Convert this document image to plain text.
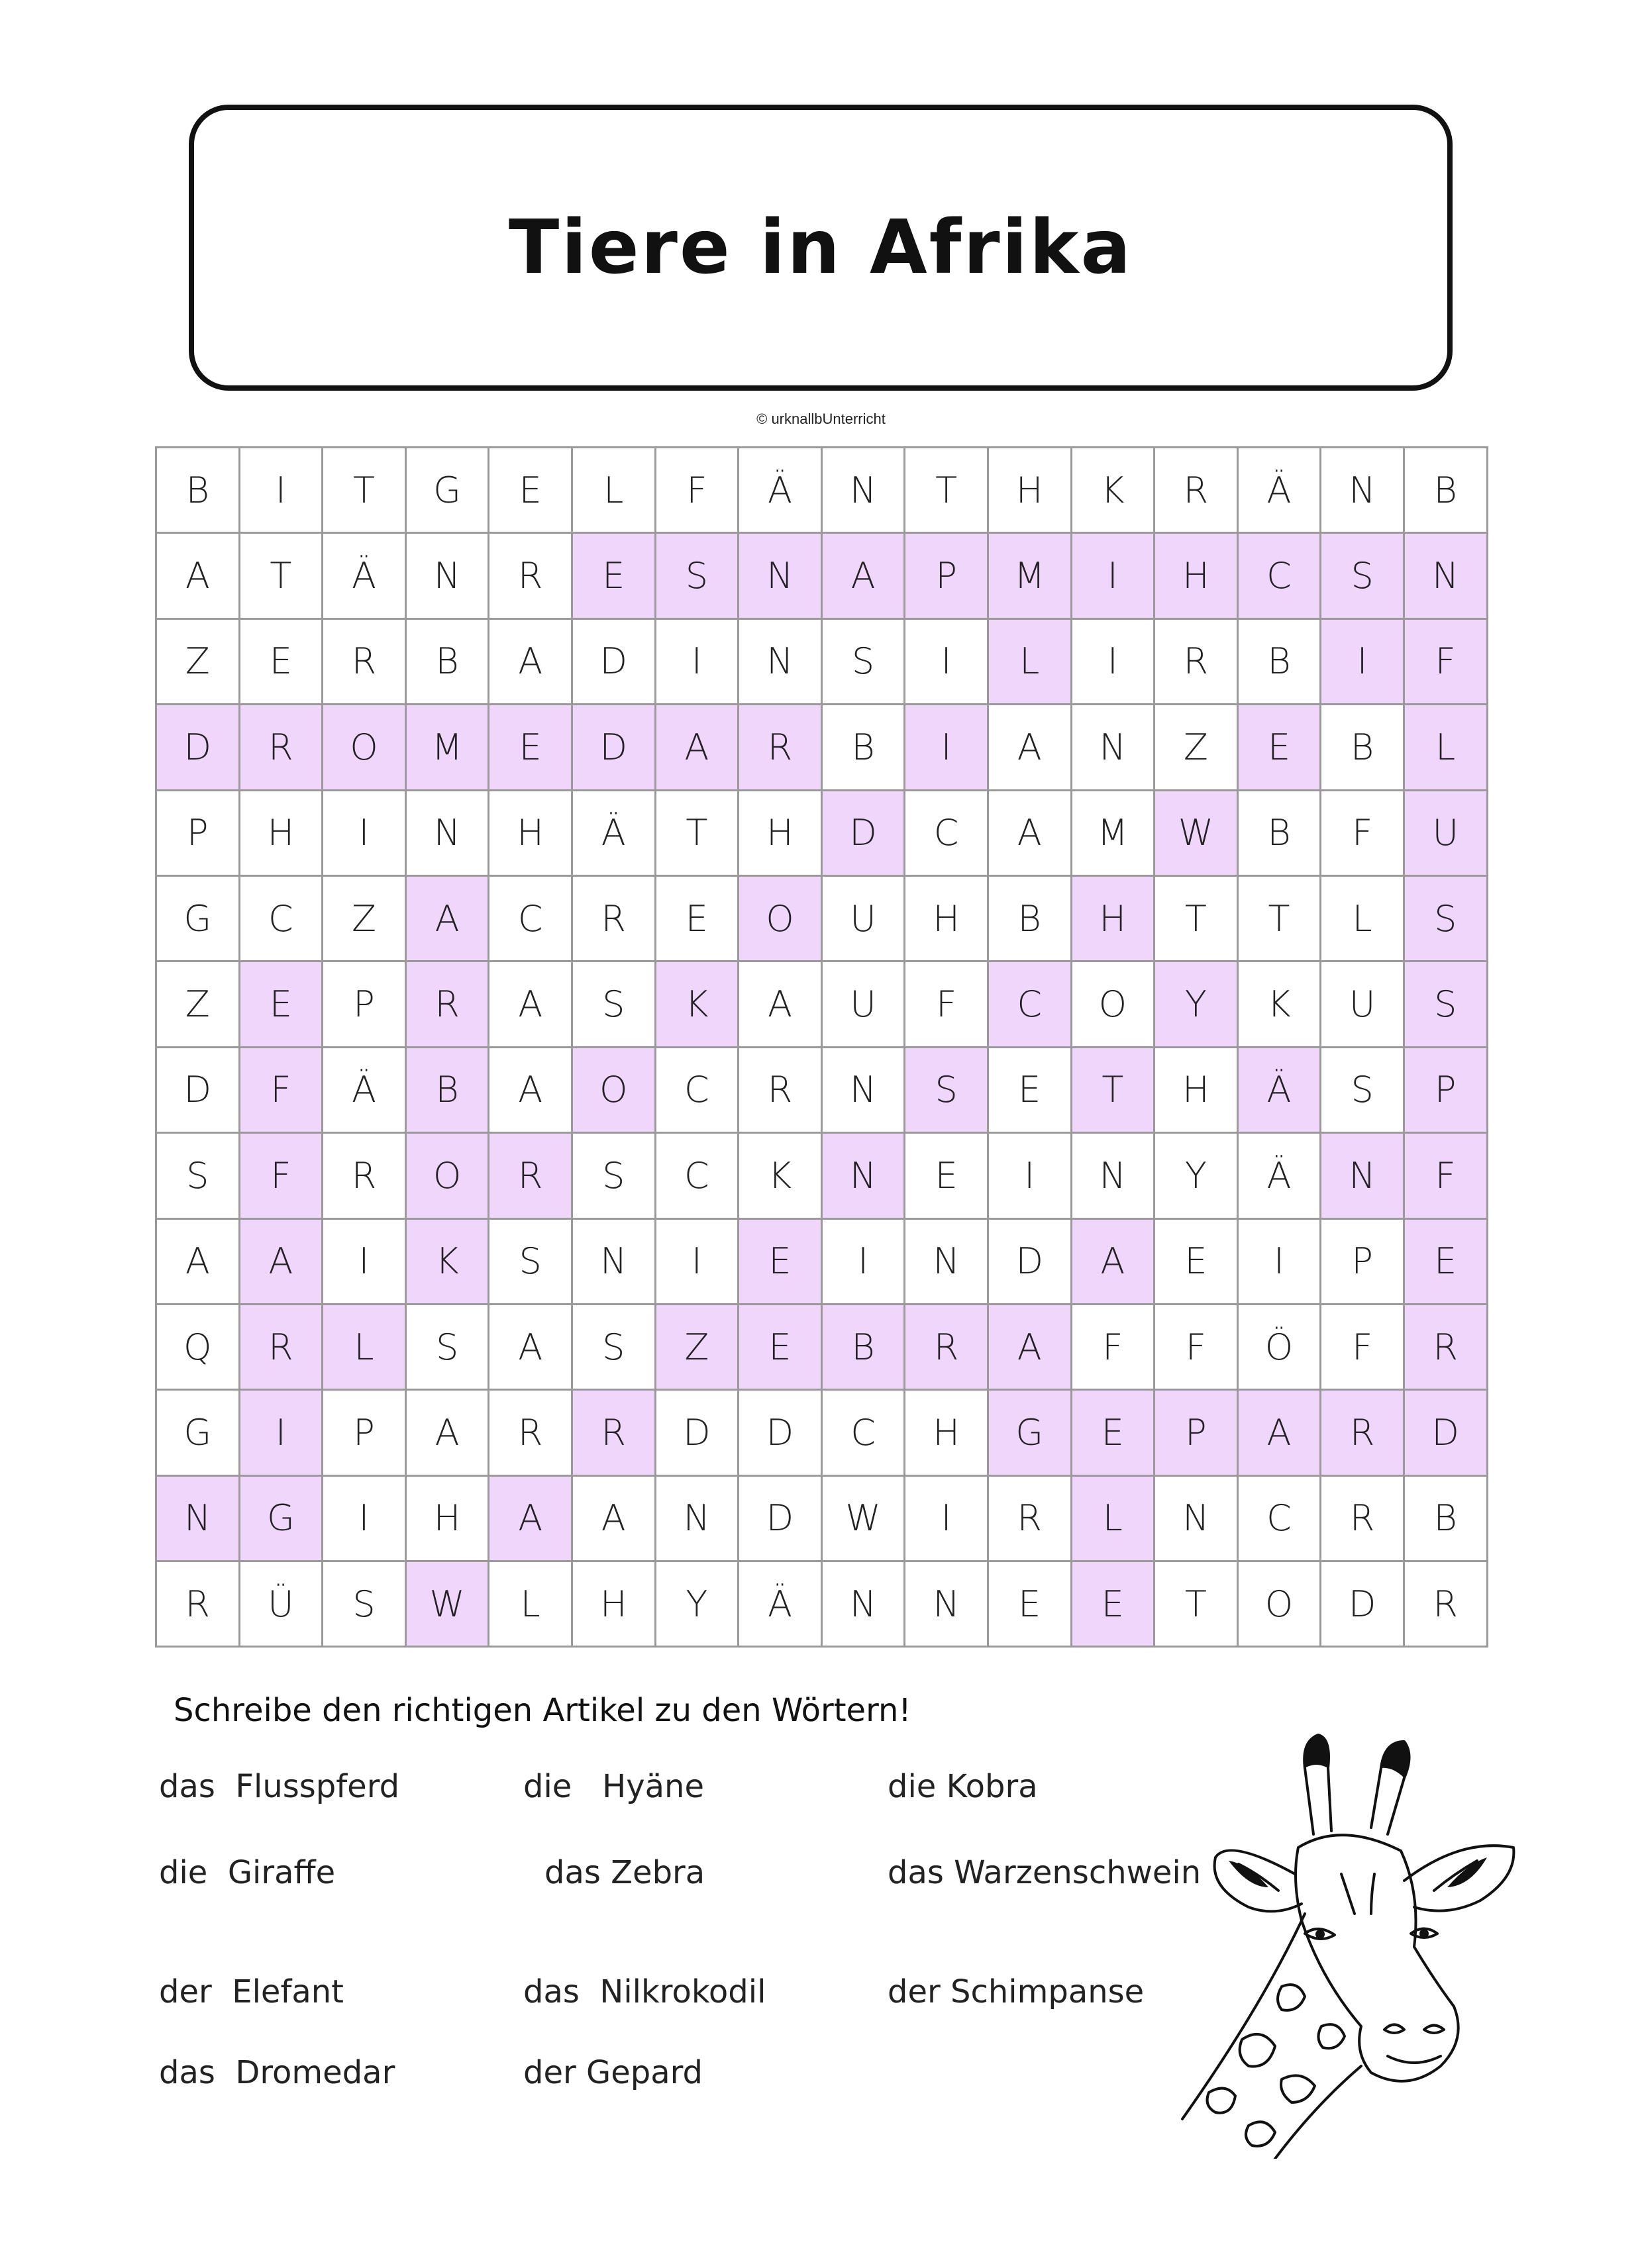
Tiere in Afrika
© urknallbUnterricht
B	I	T	G	E	L	F	Ä	N	T	H	K	R	Ä	N	B
A	T	Ä	N	R	E	S	N	A	P	M	I	H	C	S	N
Z	E	R	B	A	D	I	N	S	I	L	I	R	B	I	F
D	R	O	M	E	D	A	R	B	I	A	N	Z	E	B	L
P	H	I	N	H	Ä	T	H	D	C	A	M	W	B	F	U
G	C	Z	A	C	R	E	O	U	H	B	H	T	T	L	S
Z	E	P	R	A	S	K	A	U	F	C	O	Y	K	U	S
D	F	Ä	B	A	O	C	R	N	S	E	T	H	Ä	S	P
S	F	R	O	R	S	C	K	N	E	I	N	Y	Ä	N	F
A	A	I	K	S	N	I	E	I	N	D	A	E	I	P	E
Q	R	L	S	A	S	Z	E	B	R	A	F	F	Ö	F	R
G	I	P	A	R	R	D	D	C	H	G	E	P	A	R	D
N	G	I	H	A	A	N	D	W	I	R	L	N	C	R	B
R	Ü	S	W	L	H	Y	Ä	N	N	E	E	T	O	D	R
Schreibe den richtigen Artikel zu den Wörtern!
das  Flusspferd	die   Hyäne	die Kobra
die  Giraffe	das Zebra	das Warzenschwein
der  Elefant	das  Nilkrokodil	der Schimpanse
das  Dromedar	der Gepard
